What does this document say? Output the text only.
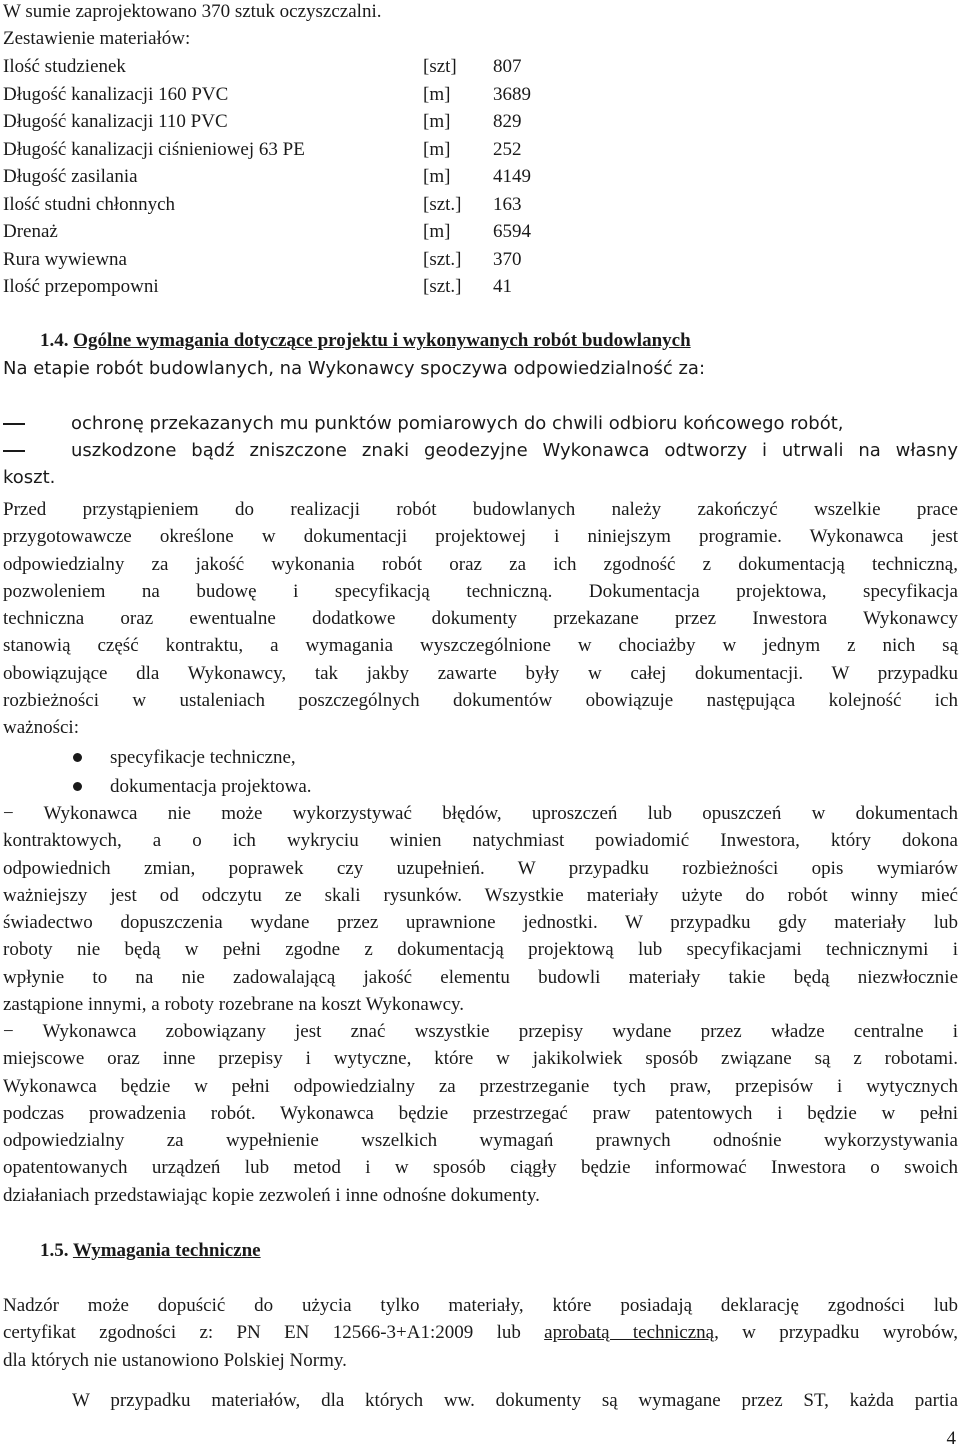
W sumie zaprojektowano 370 sztuk oczyszczalni.
Zestawienie materiałów:
Ilość studzienek	[szt]	807
Długość kanalizacji 160 PVC	[m]	3689
Długość kanalizacji 110 PVC	[m]	829
Długość kanalizacji ciśnieniowej 63 PE	[m]	252
Długość zasilania	[m]	4149
Ilość studni chłonnych	[szt.]	163
Drenaż	[m]	6594
Rura wywiewna	[szt.]	370
Ilość przepompowni	[szt.]	41
1.4. Ogólne wymagania dotyczące projektu i wykonywanych robót budowlanych
Na etapie robót budowlanych, na Wykonawcy spoczywa odpowiedzialność za:
ochronę przekazanych mu punktów pomiarowych do chwili odbioru końcowego robót,
uszkodzone bądź zniszczone znaki geodezyjne Wykonawca odtworzy i utrwali na własny
koszt.
Przed przystąpieniem do realizacji robót budowlanych należy zakończyć wszelkie prace
przygotowawcze określone w dokumentacji projektowej i niniejszym programie. Wykonawca jest
odpowiedzialny za jakość wykonania robót oraz za ich zgodność z dokumentacją techniczną,
pozwoleniem na budowę i specyfikacją techniczną. Dokumentacja projektowa, specyfikacja
techniczna oraz ewentualne dodatkowe dokumenty przekazane przez Inwestora Wykonawcy
stanowią część kontraktu, a wymagania wyszczególnione w chociażby w jednym z nich są
obowiązujące dla Wykonawcy, tak jakby zawarte były w całej dokumentacji. W przypadku
rozbieżności w ustaleniach poszczególnych dokumentów obowiązuje następująca kolejność ich
ważności:
specyfikacje techniczne,
dokumentacja projektowa.
− Wykonawca nie może wykorzystywać błędów, uproszczeń lub opuszczeń w dokumentach
kontraktowych, a o ich wykryciu winien natychmiast powiadomić Inwestora, który dokona
odpowiednich zmian, poprawek czy uzupełnień. W przypadku rozbieżności opis wymiarów
ważniejszy jest od odczytu ze skali rysunków. Wszystkie materiały użyte do robót winny mieć
świadectwo dopuszczenia wydane przez uprawnione jednostki. W przypadku gdy materiały lub
roboty nie będą w pełni zgodne z dokumentacją projektową lub specyfikacjami technicznymi i
wpłynie to na nie zadowalającą jakość elementu budowli materiały takie będą niezwłocznie
zastąpione innymi, a roboty rozebrane na koszt Wykonawcy.
− Wykonawca zobowiązany jest znać wszystkie przepisy wydane przez władze centralne i
miejscowe oraz inne przepisy i wytyczne, które w jakikolwiek sposób związane są z robotami.
Wykonawca będzie w pełni odpowiedzialny za przestrzeganie tych praw, przepisów i wytycznych
podczas prowadzenia robót. Wykonawca będzie przestrzegać praw patentowych i będzie w pełni
odpowiedzialny za wypełnienie wszelkich wymagań prawnych odnośnie wykorzystywania
opatentowanych urządzeń lub metod i w sposób ciągły będzie informować Inwestora o swoich
działaniach przedstawiając kopie zezwoleń i inne odnośne dokumenty.
1.5. Wymagania techniczne
Nadzór może dopuścić do użycia tylko materiały, które posiadają deklarację zgodności lub
certyfikat zgodności z: PN EN 12566-3+A1:2009 lub aprobatą techniczną, w przypadku wyrobów,
dla których nie ustanowiono Polskiej Normy.
W przypadku materiałów, dla których ww. dokumenty są wymagane przez ST, każda partia
4
